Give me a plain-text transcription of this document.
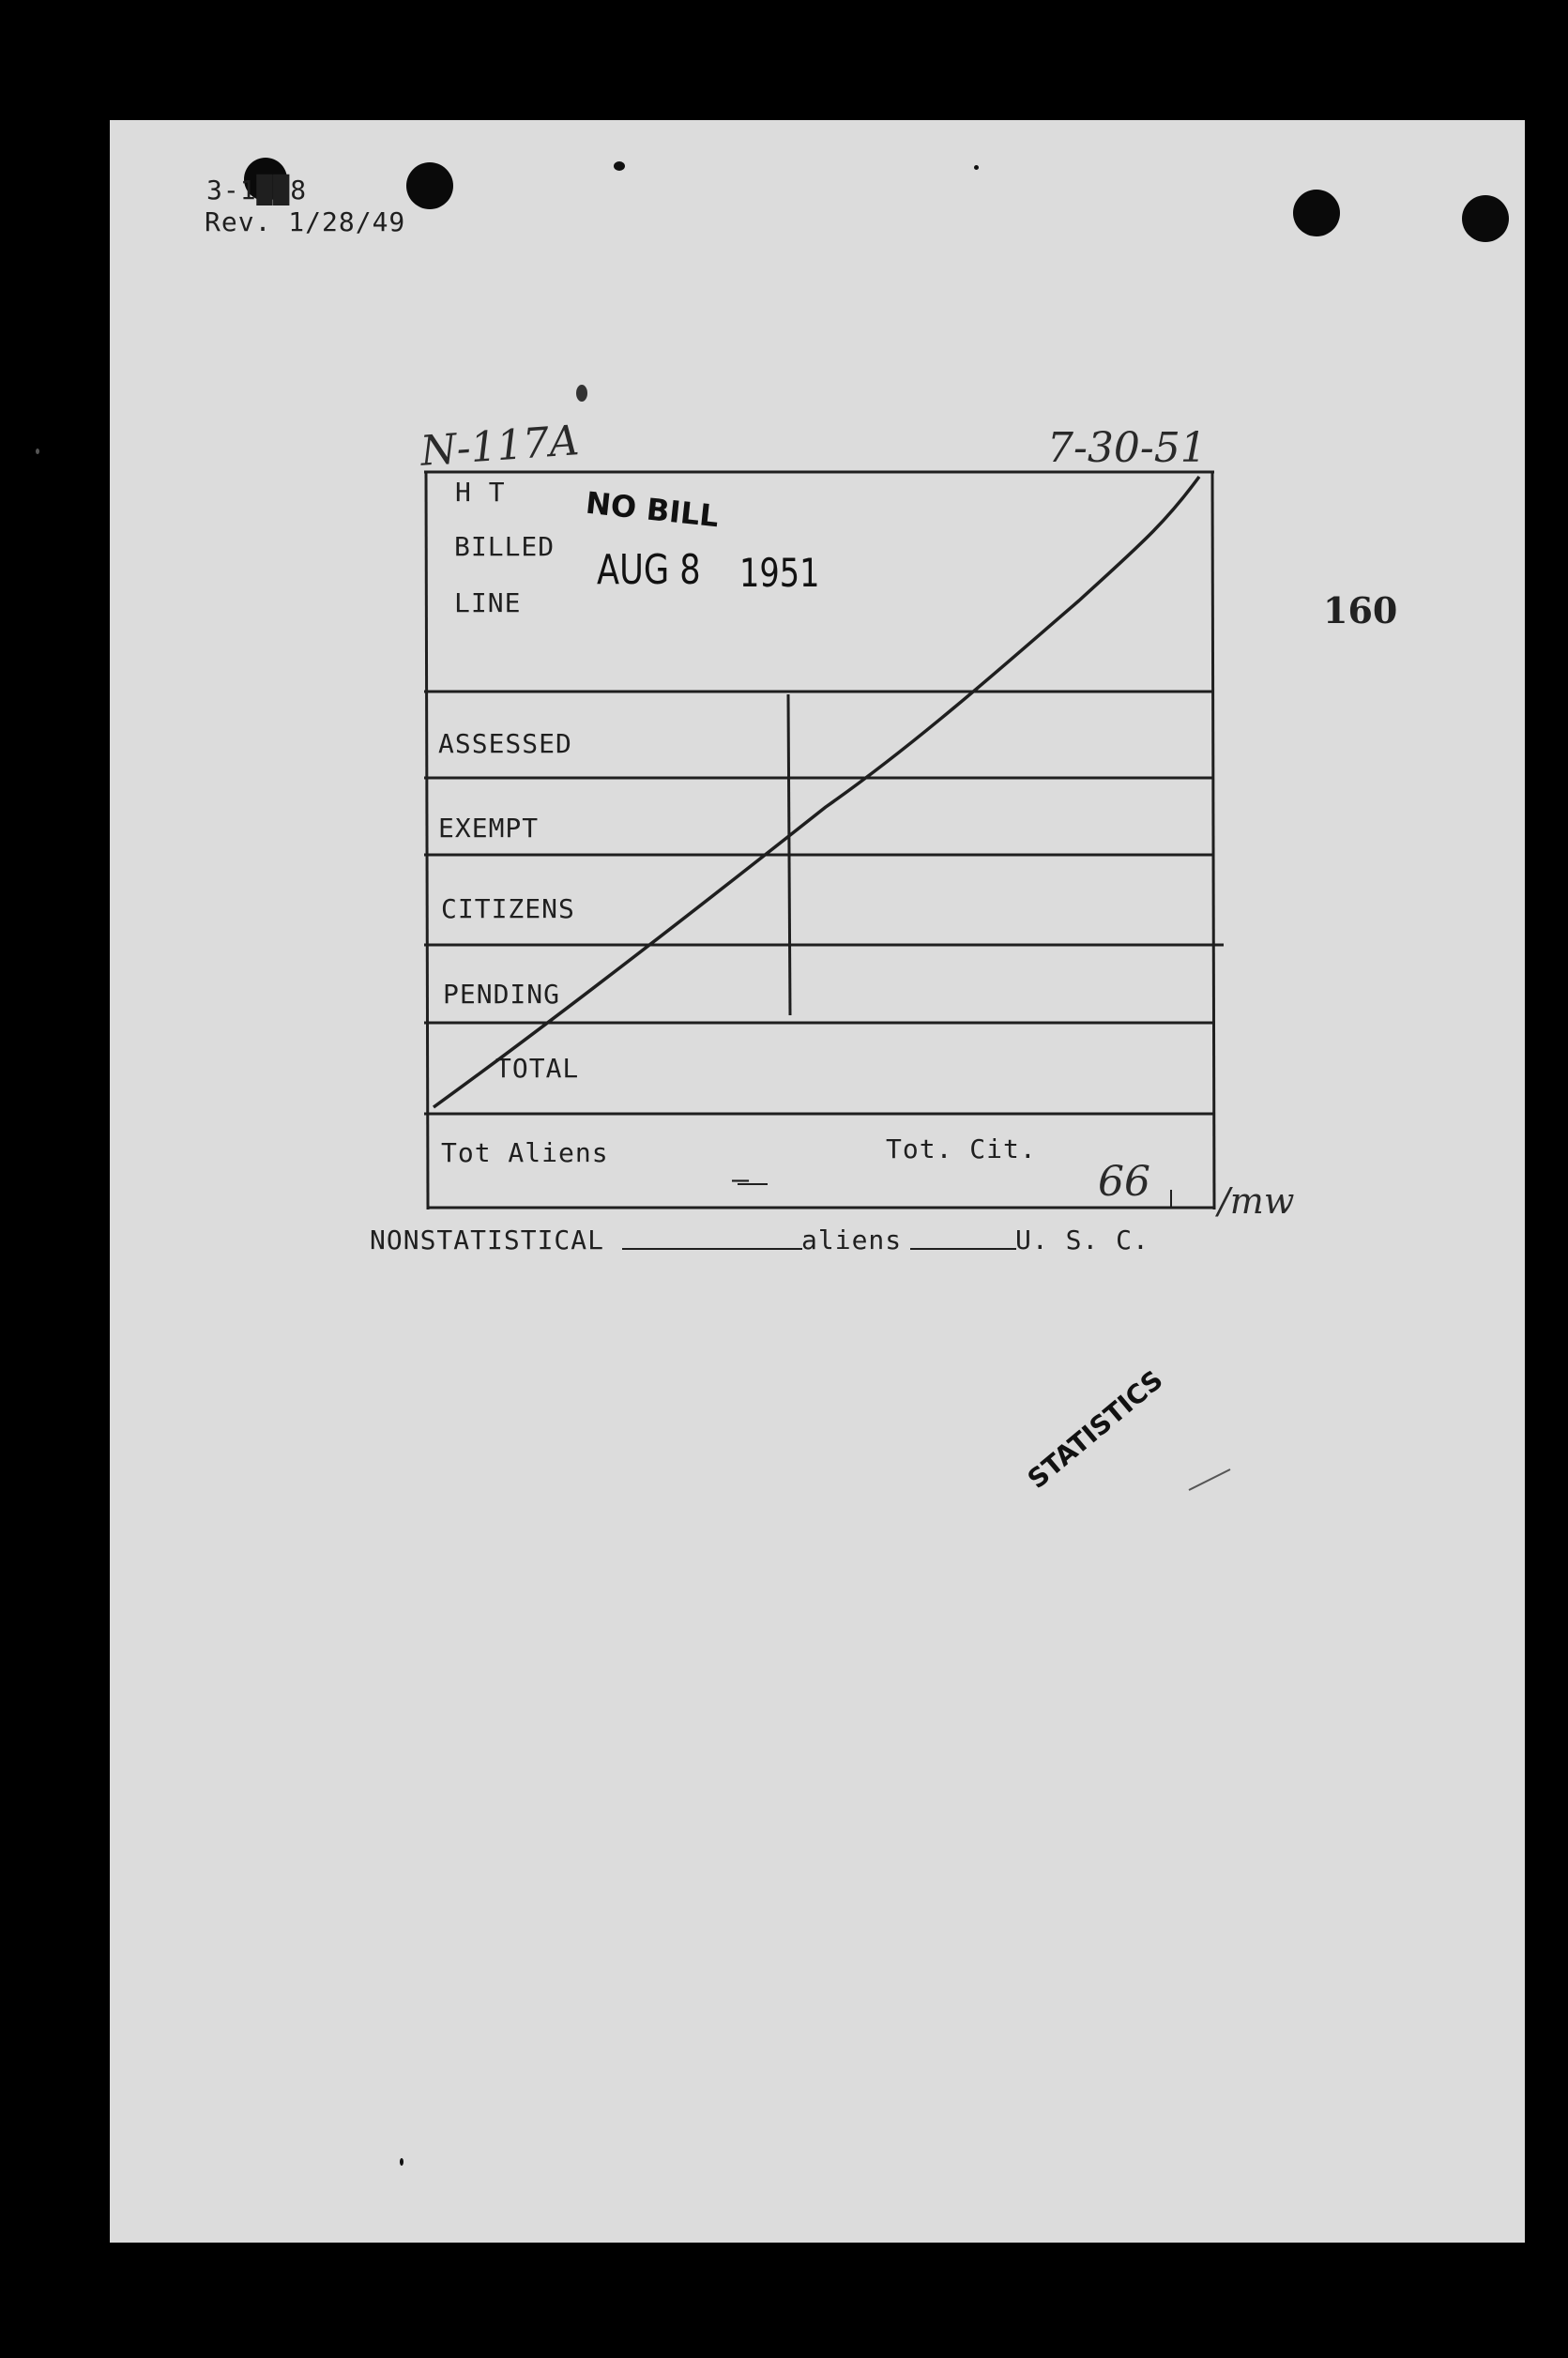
3-1██8
Rev. 1/28/49
N-117A	7-30-51
H T
BILLED
LINE
ASSESSED
EXEMPT
CITIZENS
PENDING
TOTAL
NO BILL
AUG 8 1951
STATISTICS
160
Tot Aliens
—
Tot. Cit.
66 /mw
NONSTATISTICAL	aliens	U. S. C.
